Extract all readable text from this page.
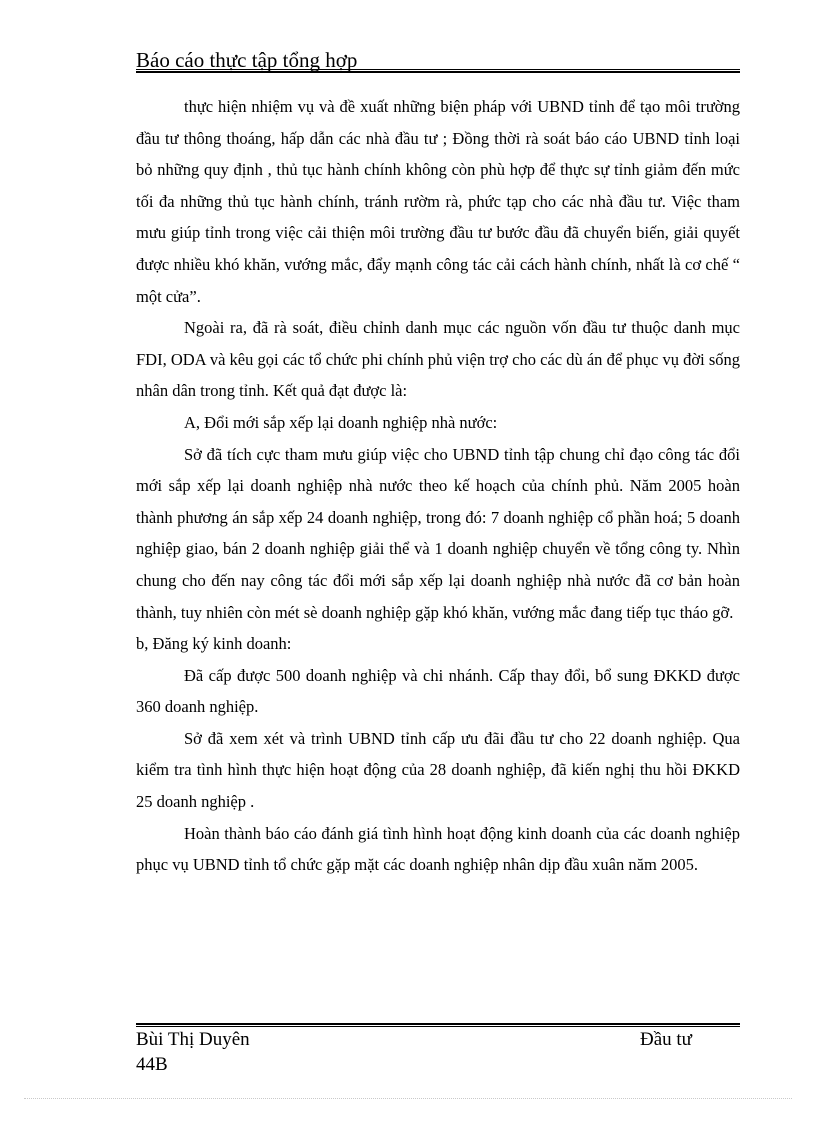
Báo cáo thực tập tổng hợp

thực hiện nhiệm vụ và đề xuất những biện pháp với UBND tỉnh để tạo môi trường đầu tư thông thoáng, hấp dẫn các nhà đầu tư ; Đồng thời rà soát báo cáo UBND tỉnh loại bỏ những quy định , thủ tục hành chính không còn phù hợp để thực sự tỉnh giảm đến mức tối đa những thủ tục hành chính, tránh rườm rà, phức tạp cho các nhà đầu tư. Việc tham mưu giúp tỉnh trong việc cải thiện môi trường đầu tư bước đầu đã chuyển biến, giải quyết được nhiều khó khăn, vướng mắc, đẩy mạnh công tác cải cách hành chính, nhất là cơ chế “ một cửa”.

Ngoài ra, đã rà soát, điều chỉnh danh mục các nguồn vốn đầu tư thuộc danh mục FDI, ODA và kêu gọi các tổ chức phi chính phủ viện trợ cho các dù án để phục vụ đời sống nhân dân trong tỉnh. Kết quả đạt được là:

A, Đổi mới sắp xếp lại doanh nghiệp nhà nước:

Sở đã tích cực tham mưu giúp việc cho UBND tỉnh tập chung chỉ đạo công tác đổi mới sắp xếp lại doanh nghiệp nhà nước theo kế hoạch của chính phủ. Năm 2005 hoàn thành phương án sắp xếp 24 doanh nghiệp, trong đó: 7 doanh nghiệp cổ phần hoá; 5 doanh nghiệp giao, bán 2 doanh nghiệp giải thể và 1 doanh nghiệp chuyển về tổng công ty. Nhìn chung cho đến nay công tác đổi mới sắp xếp lại doanh nghiệp nhà nước đã cơ bản hoàn thành, tuy nhiên còn mét sè doanh nghiệp gặp khó khăn, vướng mắc đang tiếp tục tháo gỡ.

b, Đăng ký kinh doanh:

Đã cấp được 500 doanh nghiệp và chi nhánh. Cấp thay đổi, bổ sung ĐKKD được 360 doanh nghiệp.

Sở đã xem xét và trình UBND tỉnh cấp ưu đãi đầu tư cho 22 doanh nghiệp. Qua kiểm tra tình hình thực hiện hoạt động của 28 doanh nghiệp, đã kiến nghị thu hồi ĐKKD 25 doanh nghiệp .

Hoàn thành báo cáo đánh giá tình hình hoạt động kinh doanh của các doanh nghiệp phục vụ UBND tỉnh tổ chức gặp mặt các doanh nghiệp nhân dịp đầu xuân năm 2005.

Bùi Thị Duyên
44B
Đầu tư
